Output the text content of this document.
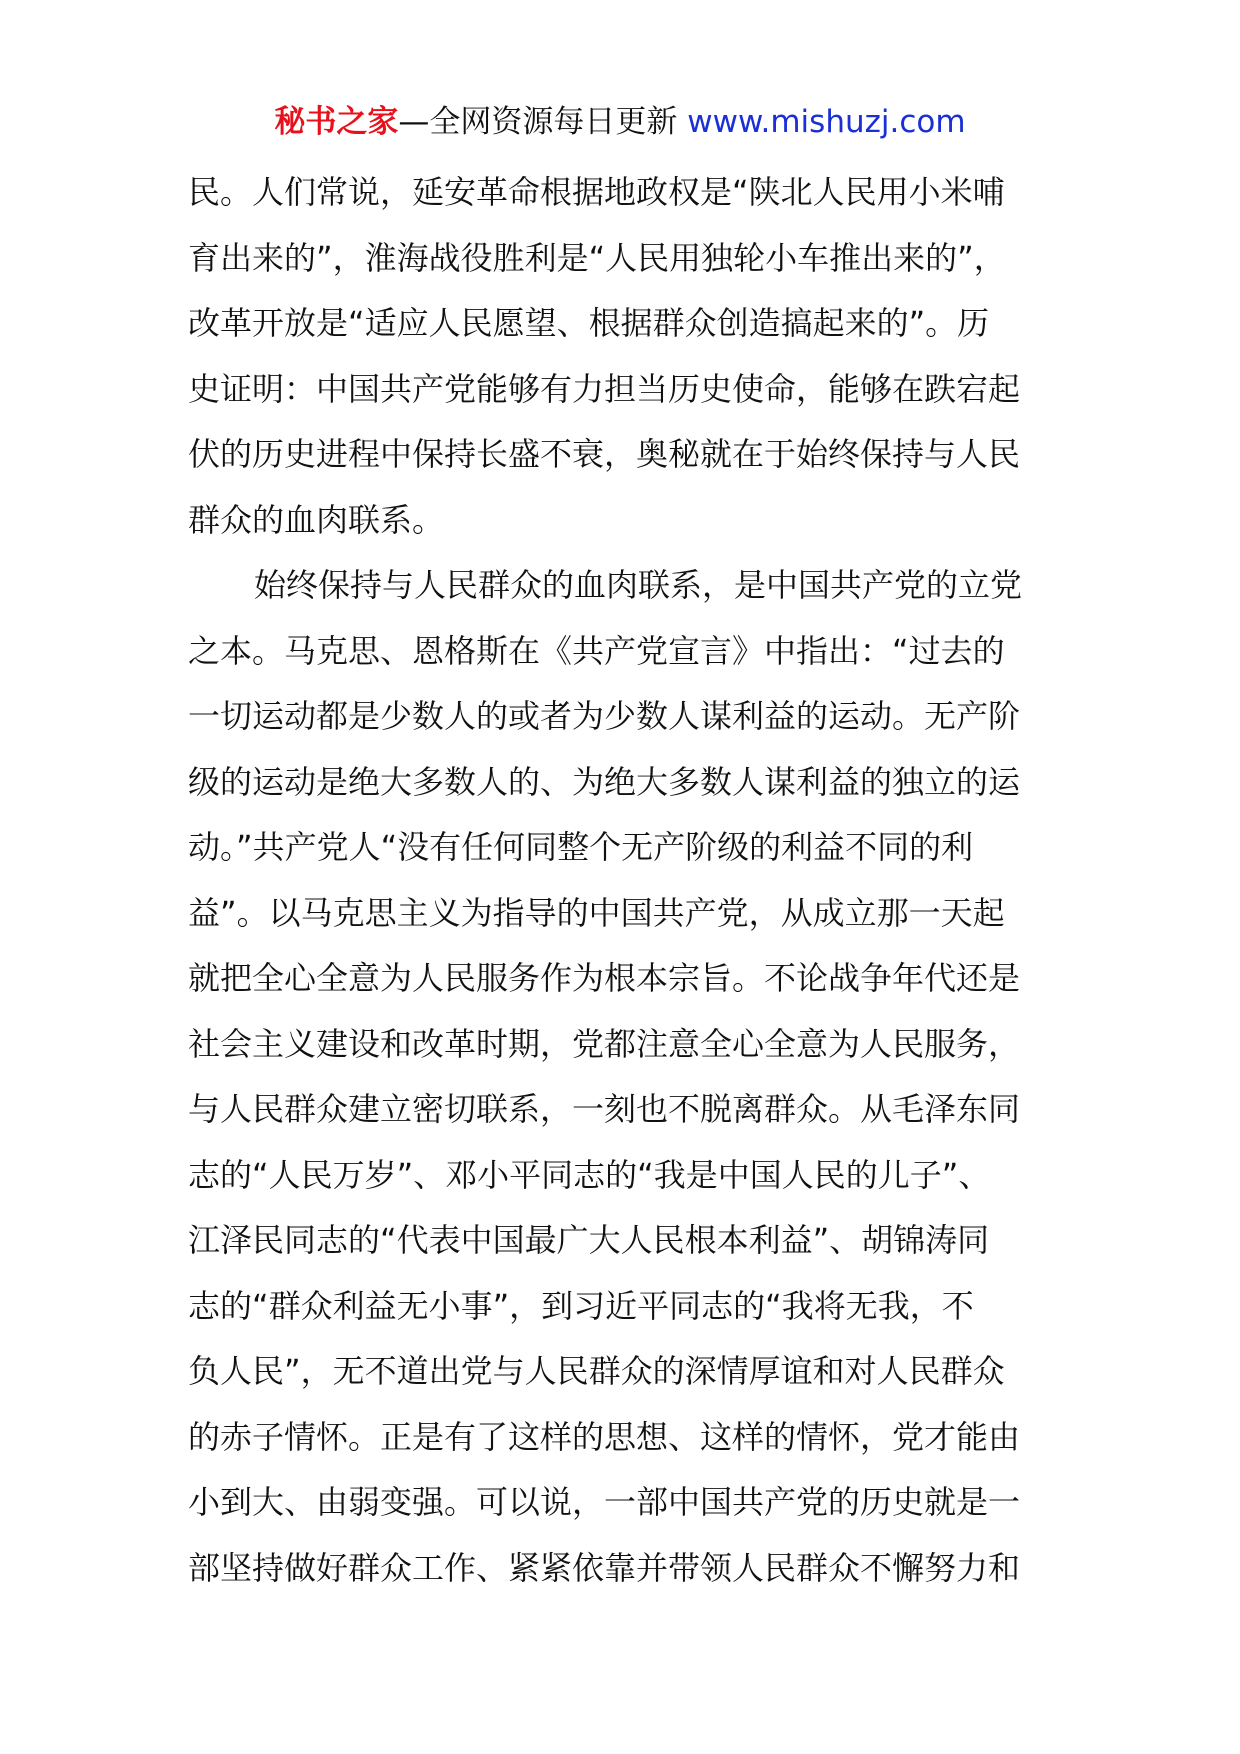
秘书之家—全网资源每日更新 www.mishuzj.com
民。人们常说，延安革命根据地政权是“陕北人民用小米哺
育出来的”，淮海战役胜利是“人民用独轮小车推出来的”，
改革开放是“适应人民愿望、根据群众创造搞起来的”。历
史证明：中国共产党能够有力担当历史使命，能够在跌宕起
伏的历史进程中保持长盛不衰，奥秘就在于始终保持与人民
群众的血肉联系。
始终保持与人民群众的血肉联系，是中国共产党的立党
之本。马克思、恩格斯在《共产党宣言》中指出：“过去的
一切运动都是少数人的或者为少数人谋利益的运动。无产阶
级的运动是绝大多数人的、为绝大多数人谋利益的独立的运
动。”共产党人“没有任何同整个无产阶级的利益不同的利
益”。以马克思主义为指导的中国共产党，从成立那一天起
就把全心全意为人民服务作为根本宗旨。不论战争年代还是
社会主义建设和改革时期，党都注意全心全意为人民服务，
与人民群众建立密切联系，一刻也不脱离群众。从毛泽东同
志的“人民万岁”、邓小平同志的“我是中国人民的儿子”、
江泽民同志的“代表中国最广大人民根本利益”、胡锦涛同
志的“群众利益无小事”，到习近平同志的“我将无我，不
负人民”，无不道出党与人民群众的深情厚谊和对人民群众
的赤子情怀。正是有了这样的思想、这样的情怀，党才能由
小到大、由弱变强。可以说，一部中国共产党的历史就是一
部坚持做好群众工作、紧紧依靠并带领人民群众不懈努力和
